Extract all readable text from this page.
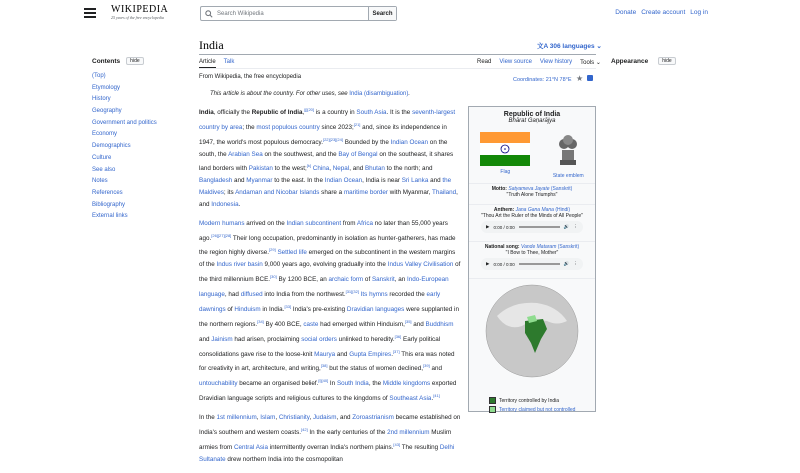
WIKIPEDIA
25 years of the free encyclopedia
Search Wikipedia	Search	Donate Create account Log in
Contents	hide
(Top)
Etymology
History
Geography
Government and politics
Economy
Demographics
Culture
See also
Notes
References
Bibliography
External links
Appearance	hide
India	文A 306 languages ⌄
Article Talk	Read View source View history Tools ⌄
From Wikipedia, the free encyclopedia	Coordinates: 21°N 78°E ★
This article is about the country. For other uses, see India (disambiguation).

India, officially the Republic of India,[j][20] is a country in South Asia. It is the seventh-largest country by area; the most populous country since 2023;[21] and, since its independence in 1947, the world's most populous democracy.[22][23][24] Bounded by the Indian Ocean on the south, the Arabian Sea on the southwest, and the Bay of Bengal on the southeast, it shares land borders with Pakistan to the west;[k] China, Nepal, and Bhutan to the north; and Bangladesh and Myanmar to the east. In the Indian Ocean, India is near Sri Lanka and the Maldives; its Andaman and Nicobar Islands share a maritime border with Myanmar, Thailand, and Indonesia.

Modern humans arrived on the Indian subcontinent from Africa no later than 55,000 years ago.[26][27][28] Their long occupation, predominantly in isolation as hunter-gatherers, has made the region highly diverse.[29] Settled life emerged on the subcontinent in the western margins of the Indus river basin 9,000 years ago, evolving gradually into the Indus Valley Civilisation of the third millennium BCE.[30] By 1200 BCE, an archaic form of Sanskrit, an Indo-European language, had diffused into India from the northwest.[31][32] Its hymns recorded the early dawnings of Hinduism in India.[33] India's pre-existing Dravidian languages were supplanted in the northern regions.[34] By 400 BCE, caste had emerged within Hinduism,[35] and Buddhism and Jainism had arisen, proclaiming social orders unlinked to heredity.[36] Early political consolidations gave rise to the loose-knit Maurya and Gupta Empires.[37] This era was noted for creativity in art, architecture, and writing,[38] but the status of women declined,[39] and untouchability became an organised belief.[l][40] In South India, the Middle kingdoms exported Dravidian language scripts and religious cultures to the kingdoms of Southeast Asia.[41]

In the 1st millennium, Islam, Christianity, Judaism, and Zoroastrianism became established on India's southern and western coasts.[42] In the early centuries of the 2nd millennium Muslim armies from Central Asia intermittently overran India's northern plains.[43] The resulting Delhi Sultanate drew northern India into the cosmopolitan

Republic of India
Bhārat Gaṇarājya
Flag
State emblem
Motto: Satyameva Jayate (Sanskrit)
"Truth Alone Triumphs"
Anthem: Jana Gana Mana (Hindi)
"Thou Art the Ruler of the Minds of All People"
▶ 0:00 / 0:00	🔊 ⋮
National song: Vande Mataram (Sanskrit)
"I Bow to Thee, Mother"
▶ 0:00 / 0:00	🔊 ⋮
Territory controlled by India
Territory claimed but not controlled
